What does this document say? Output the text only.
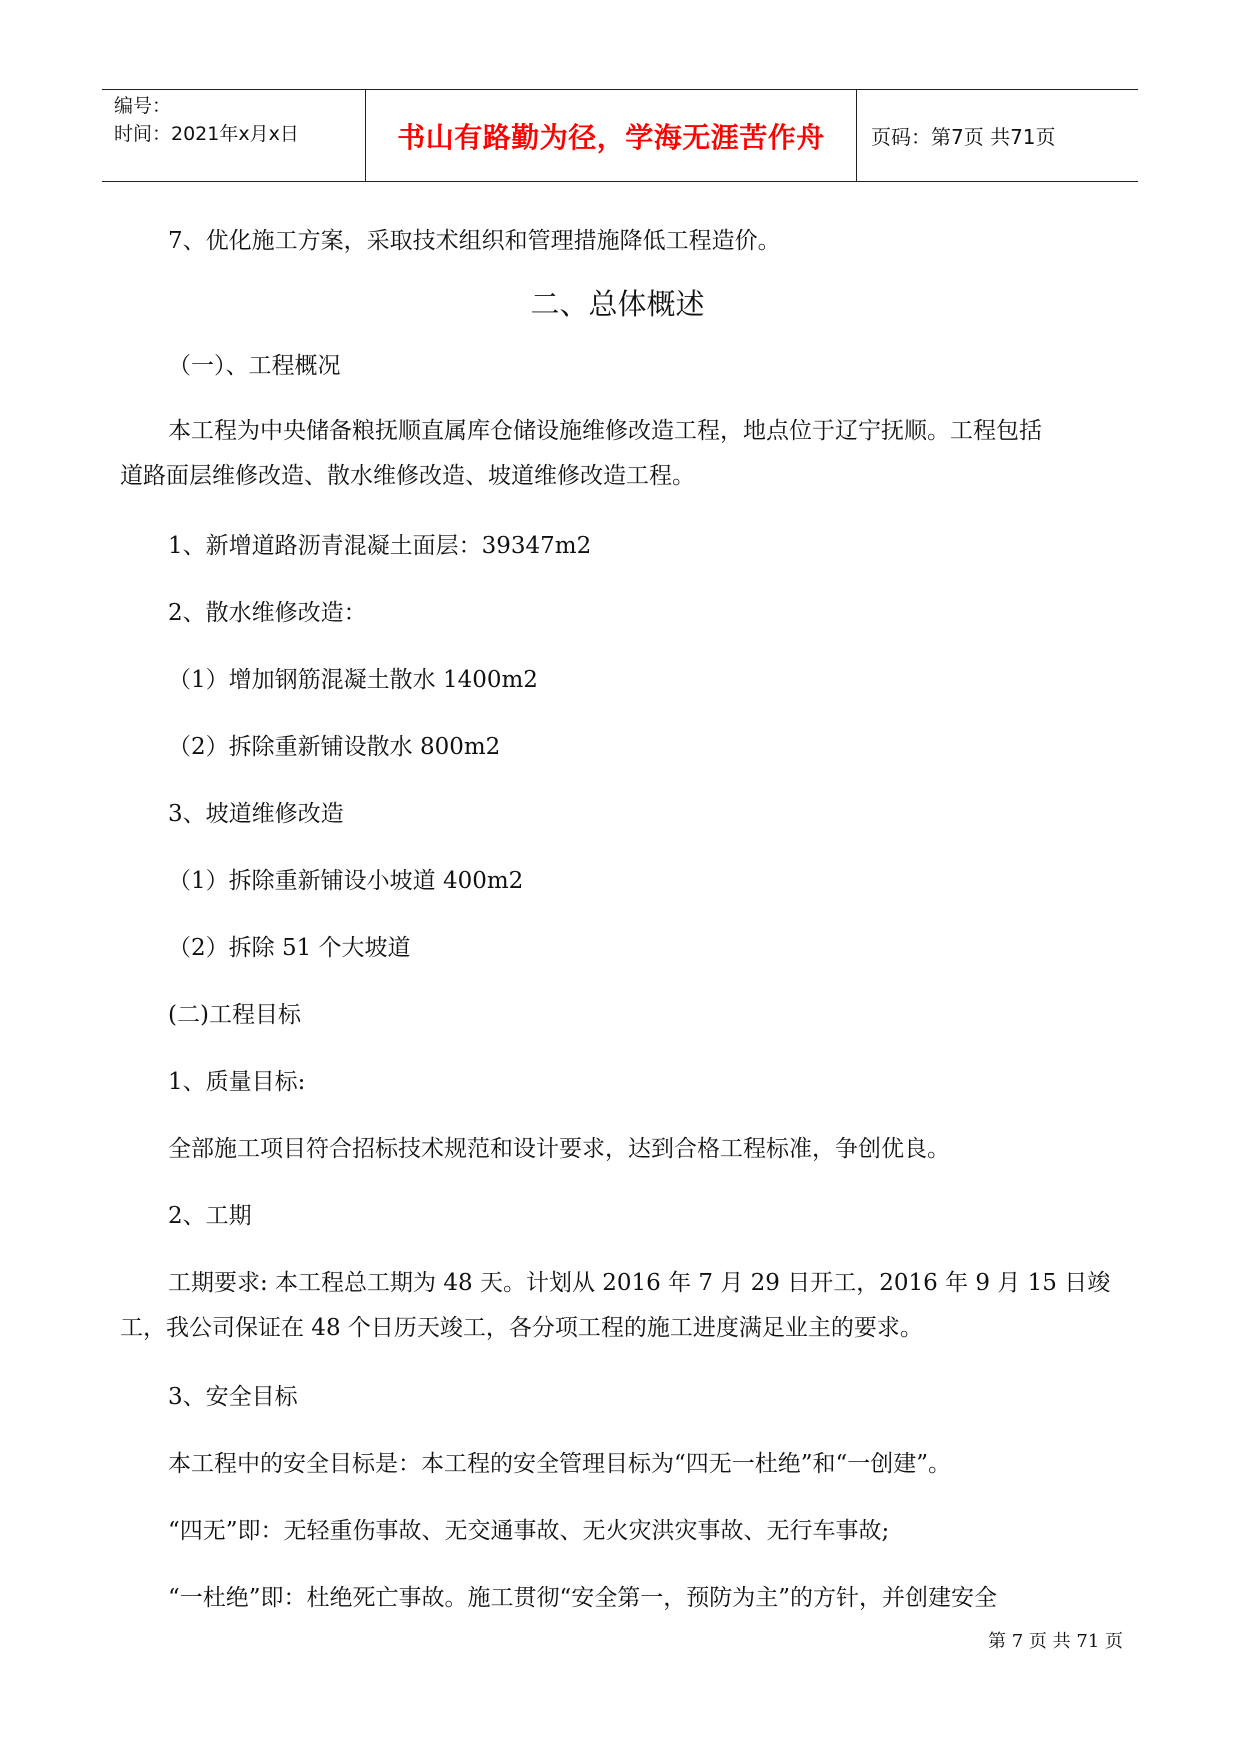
编号：
时间：2021年x月x日	书山有路勤为径，学海无涯苦作舟 页码：第7页 共71页
7、优化施工方案，采取技术组织和管理措施降低工程造价。
二、总体概述
（一）、工程概况
本工程为中央储备粮抚顺直属库仓储设施维修改造工程，地点位于辽宁抚顺。工程包括
道路面层维修改造、散水维修改造、坡道维修改造工程。
1、新增道路沥青混凝土面层：39347m2
2、散水维修改造：
（1）增加钢筋混凝土散水 1400m2
（2）拆除重新铺设散水 800m2
3、坡道维修改造
（1）拆除重新铺设小坡道 400m2
（2）拆除 51 个大坡道
(二)工程目标
1、质量目标:
全部施工项目符合招标技术规范和设计要求，达到合格工程标准，争创优良。
2、工期
工期要求: 本工程总工期为 48 天。计划从 2016 年 7 月 29 日开工，2016 年 9 月 15 日竣
工，我公司保证在 48 个日历天竣工，各分项工程的施工进度满足业主的要求。
3、安全目标
本工程中的安全目标是：本工程的安全管理目标为“四无一杜绝”和“一创建”。
“四无”即：无轻重伤事故、无交通事故、无火灾洪灾事故、无行车事故;
“一杜绝”即：杜绝死亡事故。施工贯彻“安全第一，预防为主”的方针，并创建安全
第 7 页 共 71 页
